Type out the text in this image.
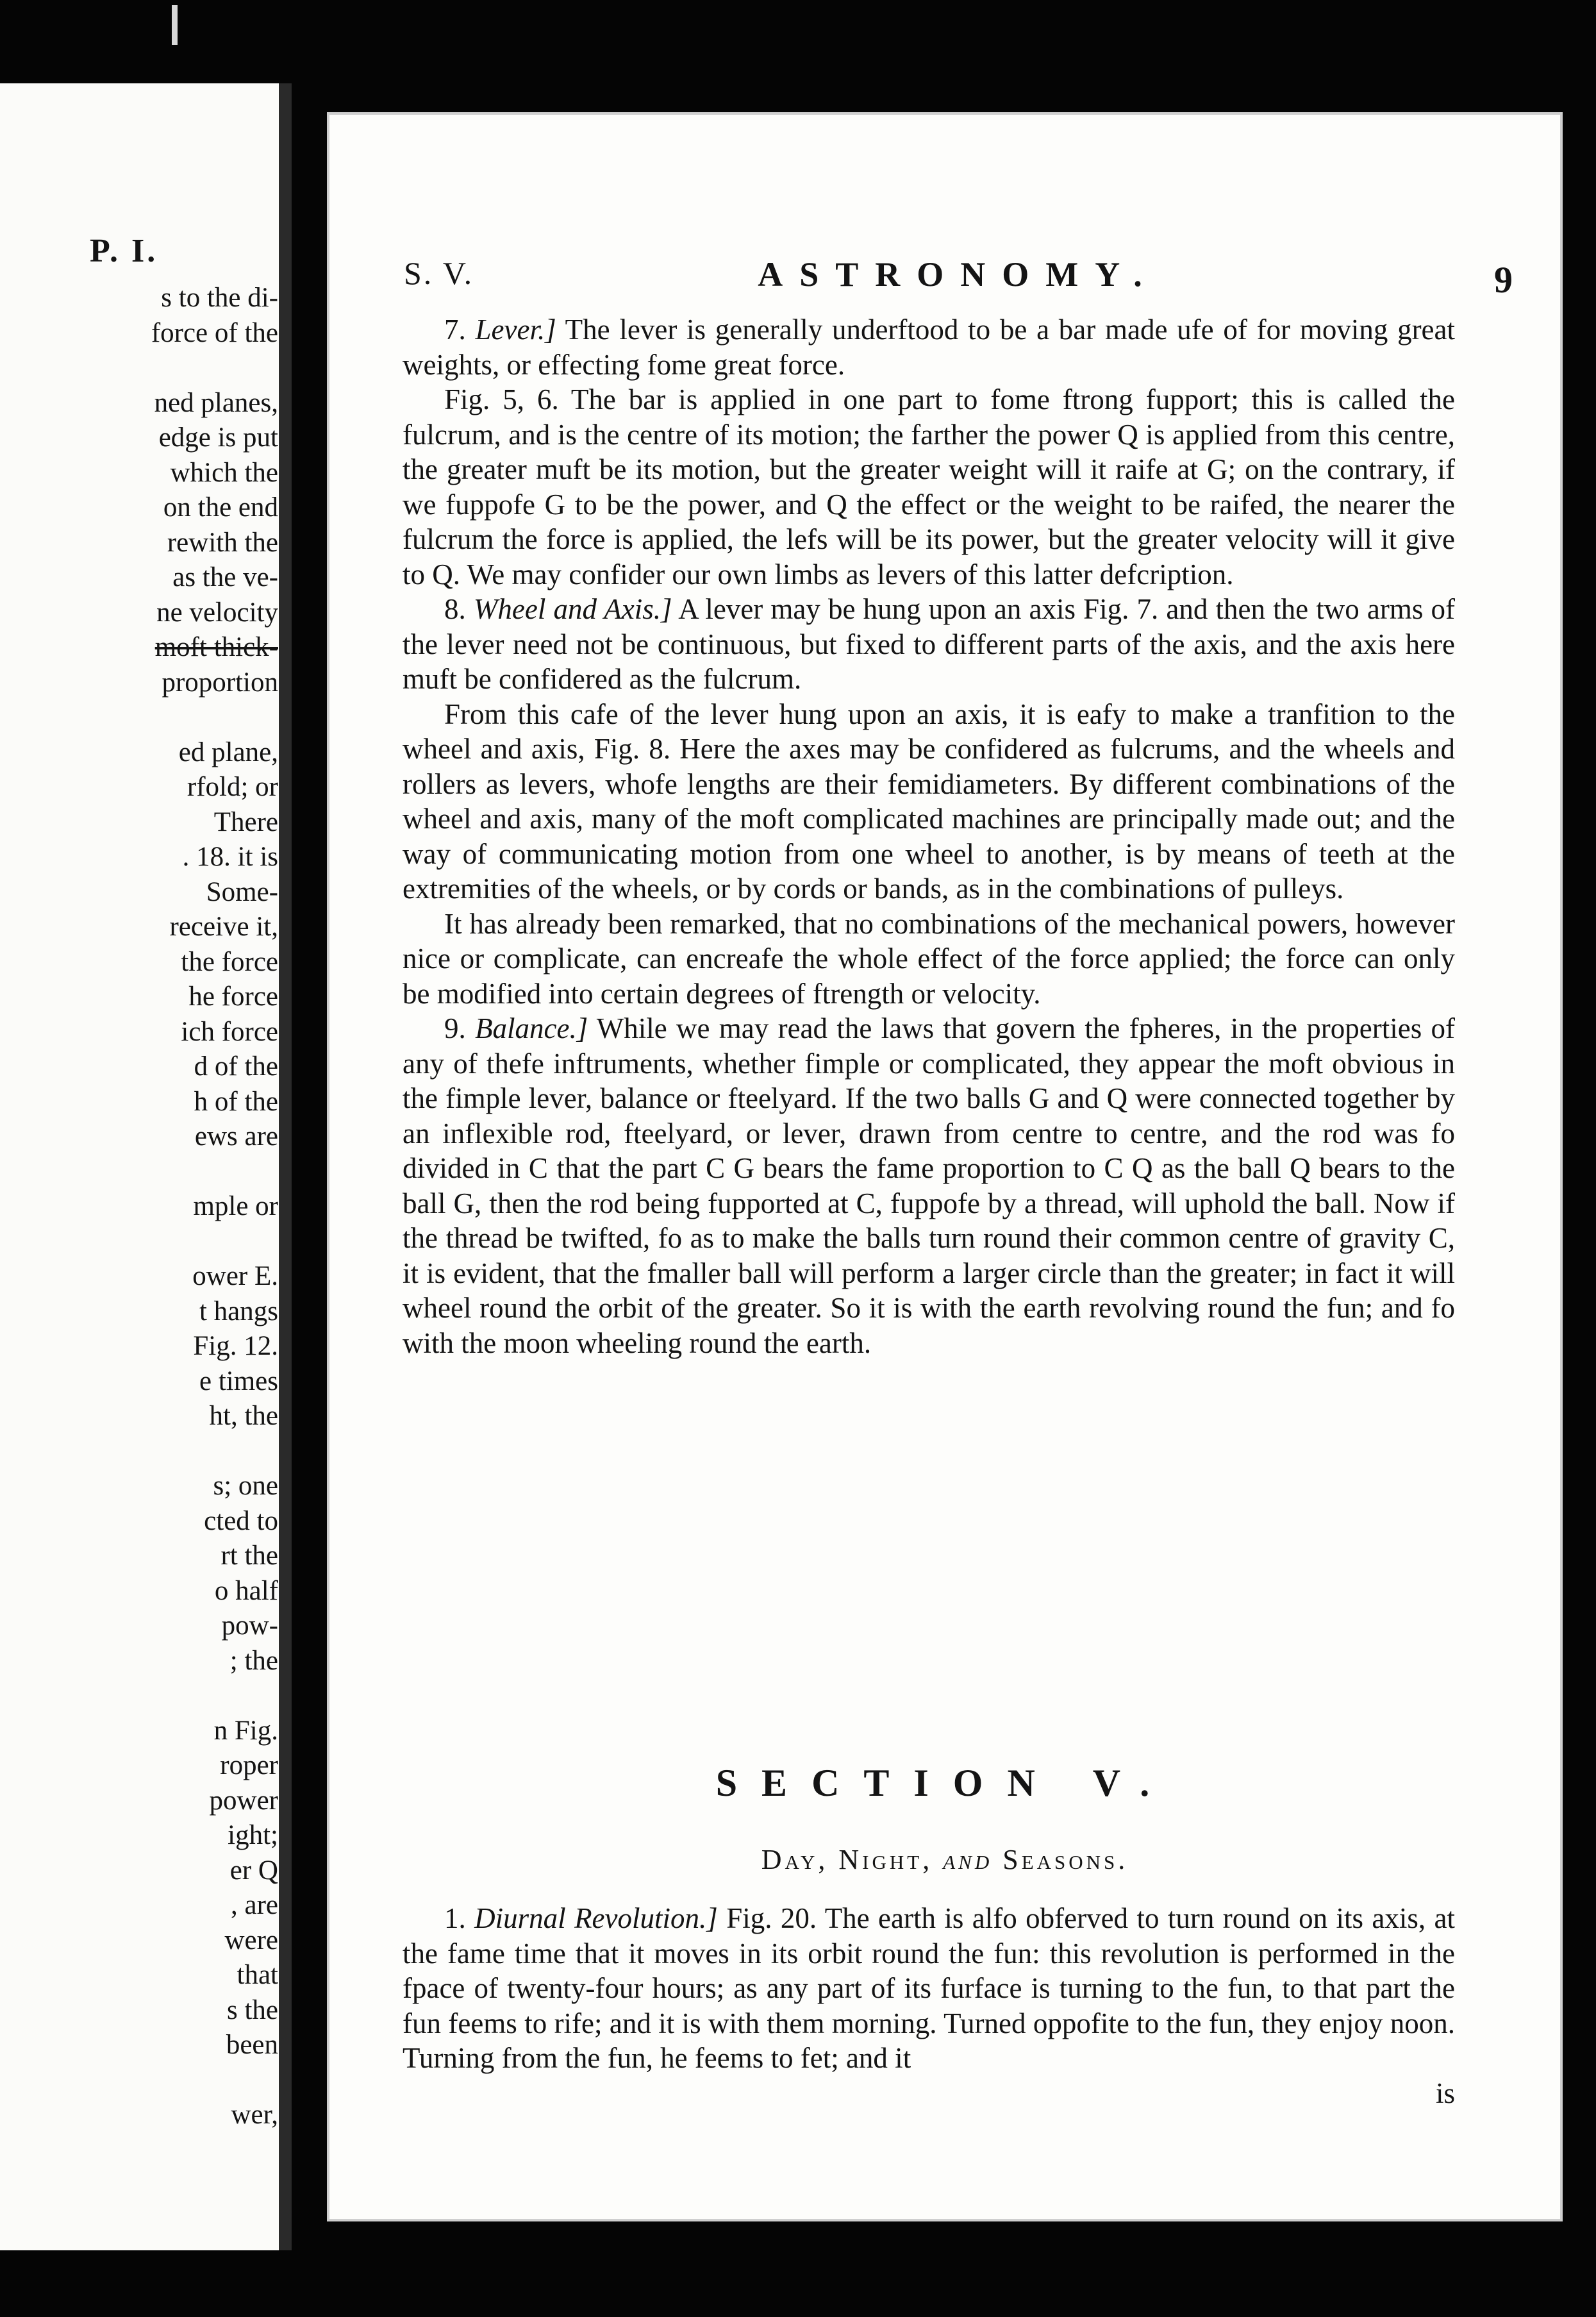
P. I.
s to the di-
force of the
ned planes,
edge is put
which the
on the end
rewith the
as the ve-
ne velocity
moft thick-
proportion
ed plane,
rfold; or
There
. 18. it is
Some-
receive it,
the force
he force
ich force
d of the
h of the
ews are
mple or
ower E.
t hangs
Fig. 12.
e times
ht, the
s; one
cted to
rt the
o half
pow-
; the
n Fig.
roper
power
ight;
er Q
, are
were
that
s the
been
wer,
S. V.	ASTRONOMY.	9

7. Lever.] The lever is generally underftood to be a bar made ufe of for moving great weights, or effecting fome great force.

Fig. 5, 6. The bar is applied in one part to fome ftrong fupport; this is called the fulcrum, and is the centre of its motion; the farther the power Q is applied from this centre, the greater muft be its motion, but the greater weight will it raife at G; on the contrary, if we fuppofe G to be the power, and Q the effect or the weight to be raifed, the nearer the fulcrum the force is applied, the lefs will be its power, but the greater velocity will it give to Q. We may confider our own limbs as levers of this latter defcription.

8. Wheel and Axis.] A lever may be hung upon an axis Fig. 7. and then the two arms of the lever need not be continuous, but fixed to different parts of the axis, and the axis here muft be confidered as the fulcrum.

From this cafe of the lever hung upon an axis, it is eafy to make a tranfition to the wheel and axis, Fig. 8. Here the axes may be confidered as fulcrums, and the wheels and rollers as levers, whofe lengths are their femidiameters. By different combinations of the wheel and axis, many of the moft complicated machines are principally made out; and the way of communicating motion from one wheel to another, is by means of teeth at the extremities of the wheels, or by cords or bands, as in the combinations of pulleys.

It has already been remarked, that no combinations of the mechanical powers, however nice or complicate, can encreafe the whole effect of the force applied; the force can only be modified into certain degrees of ftrength or velocity.

9. Balance.] While we may read the laws that govern the fpheres, in the properties of any of thefe inftruments, whether fimple or complicated, they appear the moft obvious in the fimple lever, balance or fteelyard. If the two balls G and Q were connected together by an inflexible rod, fteelyard, or lever, drawn from centre to centre, and the rod was fo divided in C that the part C G bears the fame proportion to C Q as the ball Q bears to the ball G, then the rod being fupported at C, fuppofe by a thread, will uphold the ball. Now if the thread be twifted, fo as to make the balls turn round their common centre of gravity C, it is evident, that the fmaller ball will perform a larger circle than the greater; in fact it will wheel round the orbit of the greater. So it is with the earth revolving round the fun; and fo with the moon wheeling round the earth.

SECTION V.
Day, Night, and Seasons.

1. Diurnal Revolution.] Fig. 20. The earth is alfo obferved to turn round on its axis, at the fame time that it moves in its orbit round the fun: this revolution is performed in the fpace of twenty-four hours; as any part of its furface is turning to the fun, to that part the fun feems to rife; and it is with them morning. Turned oppofite to the fun, they enjoy noon. Turning from the fun, he feems to fet; and it

is
